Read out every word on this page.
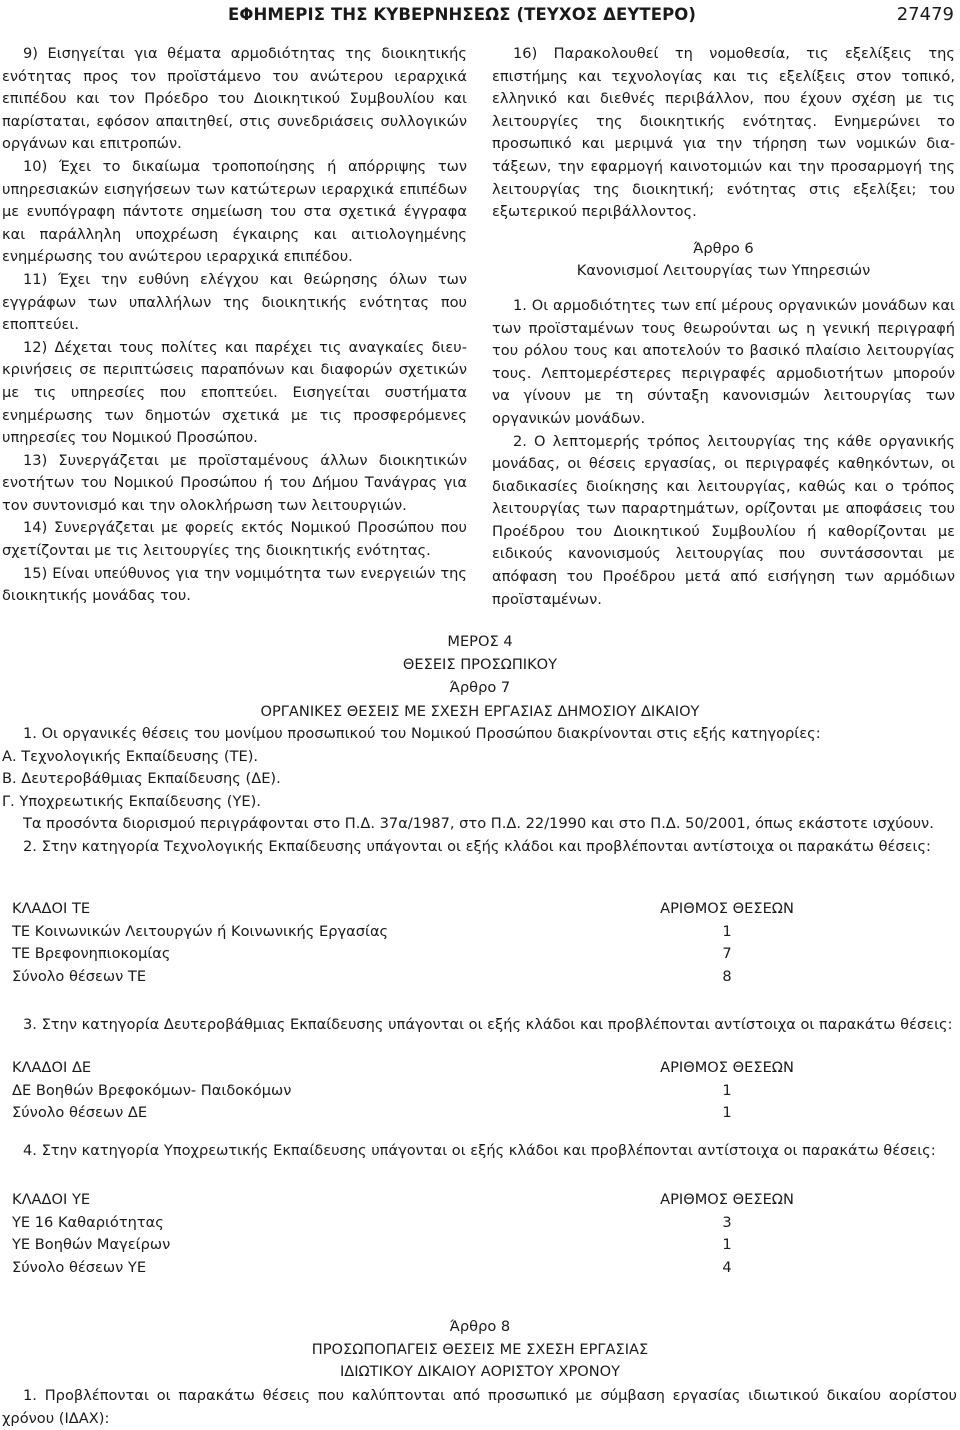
ΕΦΗΜΕΡΙΣ ΤΗΣ ΚΥΒΕΡΝΗΣΕΩΣ (ΤΕΥΧΟΣ ΔΕΥΤΕΡΟ)	27479

9) Εισηγείται για θέματα αρμοδιότητας της διοικητικής ενότητας προς τον προϊστάμενο του ανώτερου ιεραρχικά επιπέδου και τον Πρόεδρο του Διοικητικού Συμβουλίου και παρίσταται, εφόσον απαιτηθεί, στις συνεδριάσεις συλλογικών οργάνων και επιτροπών.

10) Έχει το δικαίωμα τροποποίησης ή απόρριψης των υπηρεσιακών εισηγήσεων των κατώτερων ιεραρχικά επιπέδων με ενυπόγραφη πάντοτε σημείωση του στα σχετικά έγγραφα και παράλληλη υποχρέωση έγκαιρης και αιτιολογημένης ενημέρωσης του ανώτερου ιεραρχικά επιπέδου.

11) Έχει την ευθύνη ελέγχου και θεώρησης όλων των εγγράφων των υπαλλήλων της διοικητικής ενότητας που εποπτεύει.

12) Δέχεται τους πολίτες και παρέχει τις αναγκαίες διευκρινήσεις σε περιπτώσεις παραπόνων και διαφορών σχετικών με τις υπηρεσίες που εποπτεύει. Εισηγείται συστήματα ενημέρωσης των δημοτών σχετικά με τις προσφερόμενες υπηρεσίες του Νομικού Προσώπου.

13) Συνεργάζεται με προϊσταμένους άλλων διοικητικών ενοτήτων του Νομικού Προσώπου ή του Δήμου Τανάγρας για τον συντονισμό και την ολοκλήρωση των λειτουργιών.

14) Συνεργάζεται με φορείς εκτός Νομικού Προσώπου που σχετίζονται με τις λειτουργίες της διοικητικής ενότητας.

15) Είναι υπεύθυνος για την νομιμότητα των ενεργειών της διοικητικής μονάδας του.

16) Παρακολουθεί τη νομοθεσία, τις εξελίξεις της επιστήμης και τεχνολογίας και τις εξελίξεις στον τοπικό, ελληνικό και διεθνές περιβάλλον, που έχουν σχέση με τις λειτουργίες της διοικητικής ενότητας. Ενημερώνει το προσωπικό και μεριμνά για την τήρηση των νομικών διατάξεων, την εφαρμογή καινοτομιών και την προσαρμογή της λειτουργίας της διοικητική; ενότητας στις εξελίξει; του εξωτερικού περιβάλλοντος.

Άρθρο 6

Κανονισμοί Λειτουργίας των Υπηρεσιών

1. Οι αρμοδιότητες των επί μέρους οργανικών μονάδων και των προϊσταμένων τους θεωρούνται ως η γενική περιγραφή του ρόλου τους και αποτελούν το βασικό πλαίσιο λειτουργίας τους. Λεπτομερέστερες περιγραφές αρμοδιοτήτων μπορούν να γίνουν με τη σύνταξη κανονισμών λειτουργίας των οργανικών μονάδων.

2. Ο λεπτομερής τρόπος λειτουργίας της κάθε οργανικής μονάδας, οι θέσεις εργασίας, οι περιγραφές καθηκόντων, οι διαδικασίες διοίκησης και λειτουργίας, καθώς και ο τρόπος λειτουργίας των παραρτημάτων, ορίζονται με αποφάσεις του Προέδρου του Διοικητικού Συμβουλίου ή καθορίζονται με ειδικούς κανονισμούς λειτουργίας που συντάσσονται με απόφαση του Προέδρου μετά από εισήγηση των αρμόδιων προϊσταμένων.

ΜΕΡΟΣ 4
ΘΕΣΕΙΣ ΠΡΟΣΩΠΙΚΟΥ
Άρθρο 7
ΟΡΓΑΝΙΚΕΣ ΘΕΣΕΙΣ ΜΕ ΣΧΕΣΗ ΕΡΓΑΣΙΑΣ ΔΗΜΟΣΙΟΥ ΔΙΚΑΙΟΥ

1. Οι οργανικές θέσεις του μονίμου προσωπικού του Νομικού Προσώπου διακρίνονται στις εξής κατηγορίες:

Α. Τεχνολογικής Εκπαίδευσης (ΤΕ).

Β. Δευτεροβάθμιας Εκπαίδευσης (ΔΕ).

Γ. Υποχρεωτικής Εκπαίδευσης (ΥΕ).

Τα προσόντα διορισμού περιγράφονται στο Π.Δ. 37α/1987, στο Π.Δ. 22/1990 και στο Π.Δ. 50/2001, όπως εκάστοτε ισχύουν.

2. Στην κατηγορία Τεχνολογικής Εκπαίδευσης υπάγονται οι εξής κλάδοι και προβλέπονται αντίστοιχα οι παρακάτω θέσεις:

ΚΛΑΔΟΙ ΤΕ	ΑΡΙΘΜΟΣ ΘΕΣΕΩΝ
ΤΕ Κοινωνικών Λειτουργών ή Κοινωνικής Εργασίας	1
ΤΕ Βρεφονηπιοκομίας	7
Σύνολο θέσεων ΤΕ	8

3. Στην κατηγορία Δευτεροβάθμιας Εκπαίδευσης υπάγονται οι εξής κλάδοι και προβλέπονται αντίστοιχα οι παρακάτω θέσεις:

ΚΛΑΔΟΙ ΔΕ	ΑΡΙΘΜΟΣ ΘΕΣΕΩΝ
ΔΕ Βοηθών Βρεφοκόμων- Παιδοκόμων	1
Σύνολο θέσεων ΔΕ	1

4. Στην κατηγορία Υποχρεωτικής Εκπαίδευσης υπάγονται οι εξής κλάδοι και προβλέπονται αντίστοιχα οι παρακάτω θέσεις:

ΚΛΑΔΟΙ ΥΕ	ΑΡΙΘΜΟΣ ΘΕΣΕΩΝ
ΥΕ 16 Καθαριότητας	3
ΥΕ Βοηθών Μαγείρων	1
Σύνολο θέσεων ΥΕ	4
Άρθρο 8
ΠΡΟΣΩΠΟΠΑΓΕΙΣ ΘΕΣΕΙΣ ΜΕ ΣΧΕΣΗ ΕΡΓΑΣΙΑΣ
ΙΔΙΩΤΙΚΟΥ ΔΙΚΑΙΟΥ ΑΟΡΙΣΤΟΥ ΧΡΟΝΟΥ

1. Προβλέπονται οι παρακάτω θέσεις που καλύπτονται από προσωπικό με σύμβαση εργασίας ιδιωτικού δικαίου αορίστου χρόνου (ΙΔΑΧ):
